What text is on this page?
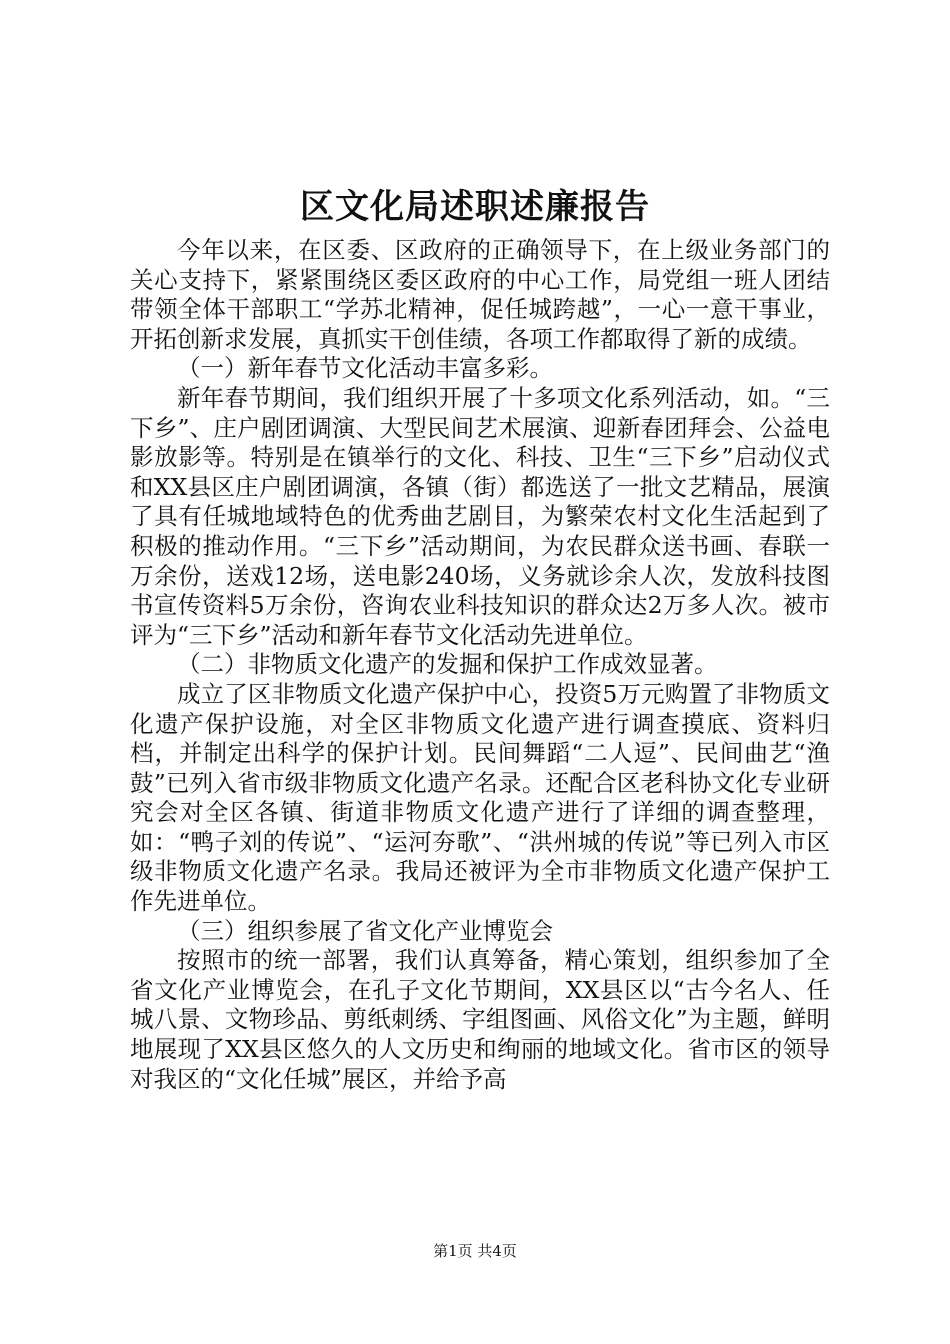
区文化局述职述廉报告

今年以来，在区委、区政府的正确领导下，在上级业务部门的关心支持下，紧紧围绕区委区政府的中心工作，局党组一班人团结带领全体干部职工“学苏北精神，促任城跨越”，一心一意干事业，开拓创新求发展，真抓实干创佳绩，各项工作都取得了新的成绩。

（一）新年春节文化活动丰富多彩。

新年春节期间，我们组织开展了十多项文化系列活动，如。“三下乡”、庄户剧团调演、大型民间艺术展演、迎新春团拜会、公益电影放影等。特别是在镇举行的文化、科技、卫生“三下乡”启动仪式和XX县区庄户剧团调演，各镇（街）都选送了一批文艺精品，展演了具有任城地域特色的优秀曲艺剧目，为繁荣农村文化生活起到了积极的推动作用。“三下乡”活动期间，为农民群众送书画、春联一万余份，送戏12场，送电影240场，义务就诊余人次，发放科技图书宣传资料5万余份，咨询农业科技知识的群众达2万多人次。被市评为“三下乡”活动和新年春节文化活动先进单位。

（二）非物质文化遗产的发掘和保护工作成效显著。

成立了区非物质文化遗产保护中心，投资5万元购置了非物质文化遗产保护设施，对全区非物质文化遗产进行调查摸底、资料归档，并制定出科学的保护计划。民间舞蹈“二人逗”、民间曲艺“渔鼓”已列入省市级非物质文化遗产名录。还配合区老科协文化专业研究会对全区各镇、街道非物质文化遗产进行了详细的调查整理，如：“鸭子刘的传说”、“运河夯歌”、“洪州城的传说”等已列入市区级非物质文化遗产名录。我局还被评为全市非物质文化遗产保护工作先进单位。

（三）组织参展了省文化产业博览会

按照市的统一部署，我们认真筹备，精心策划，组织参加了全省文化产业博览会，在孔子文化节期间，XX县区以“古今名人、任城八景、文物珍品、剪纸刺绣、字组图画、风俗文化”为主题，鲜明地展现了XX县区悠久的人文历史和绚丽的地域文化。省市区的领导对我区的“文化任城”展区，并给予高

第1页 共4页
